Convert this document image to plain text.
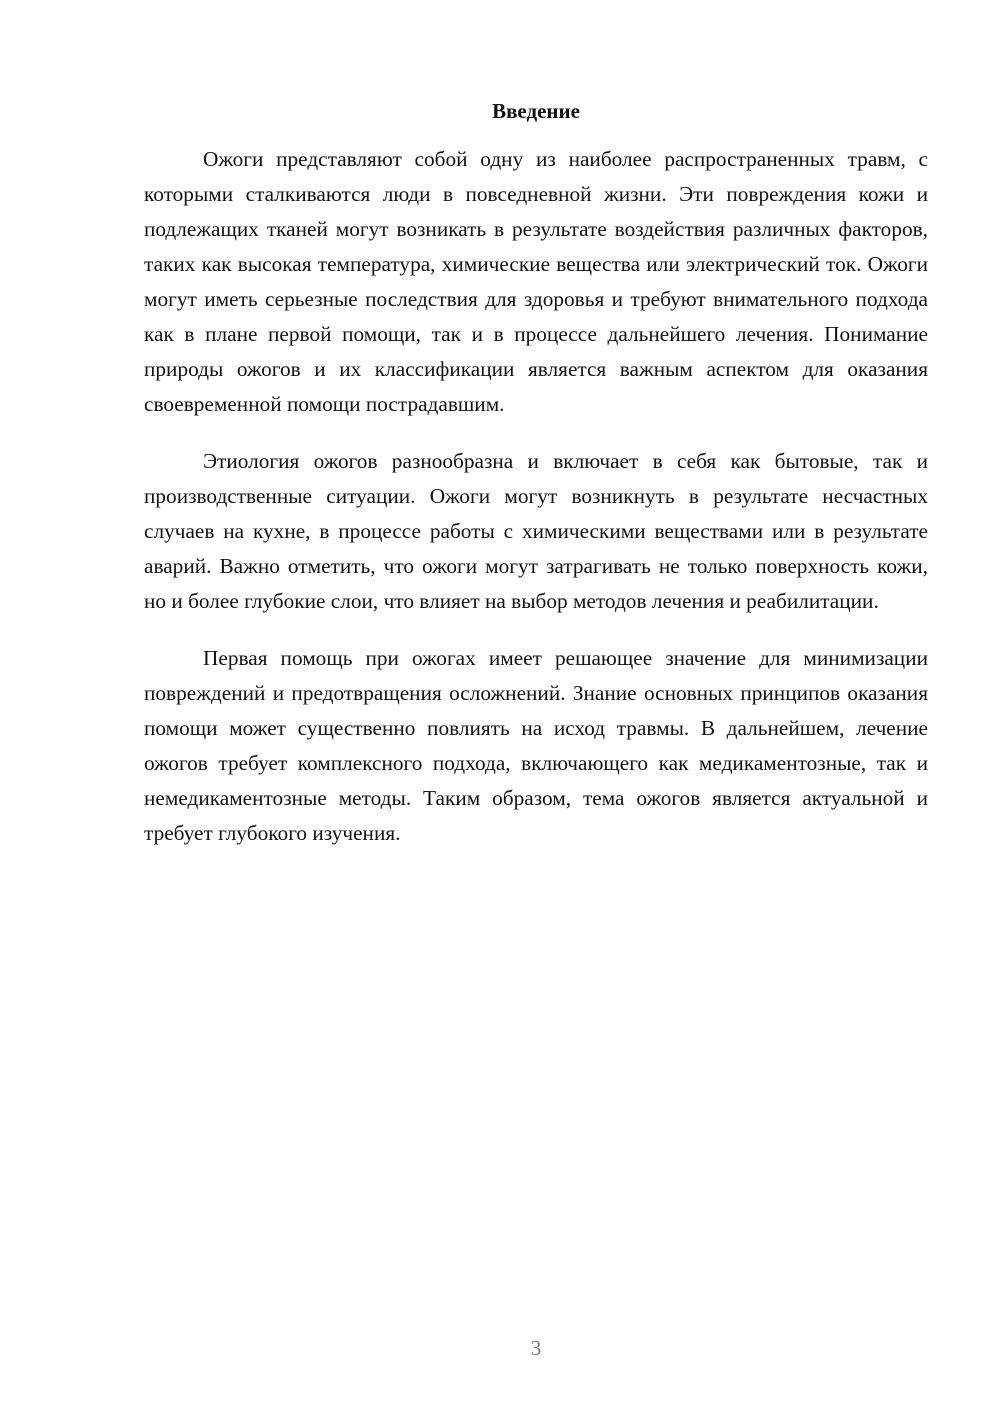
Введение

Ожоги представляют собой одну из наиболее распространенных травм, с которыми сталкиваются люди в повседневной жизни. Эти повреждения кожи и подлежащих тканей могут возникать в результате воздействия различных факторов, таких как высокая температура, химические вещества или электрический ток. Ожоги могут иметь серьезные последствия для здоровья и требуют внимательного подхода как в плане первой помощи, так и в процессе дальнейшего лечения. Понимание природы ожогов и их классификации является важным аспектом для оказания своевременной помощи пострадавшим.

Этиология ожогов разнообразна и включает в себя как бытовые, так и производственные ситуации. Ожоги могут возникнуть в результате несчастных случаев на кухне, в процессе работы с химическими веществами или в результате аварий. Важно отметить, что ожоги могут затрагивать не только поверхность кожи, но и более глубокие слои, что влияет на выбор методов лечения и реабилитации.

Первая помощь при ожогах имеет решающее значение для минимизации повреждений и предотвращения осложнений. Знание основных принципов оказания помощи может существенно повлиять на исход травмы. В дальнейшем, лечение ожогов требует комплексного подхода, включающего как медикаментозные, так и немедикаментозные методы. Таким образом, тема ожогов является актуальной и требует глубокого изучения.

3
